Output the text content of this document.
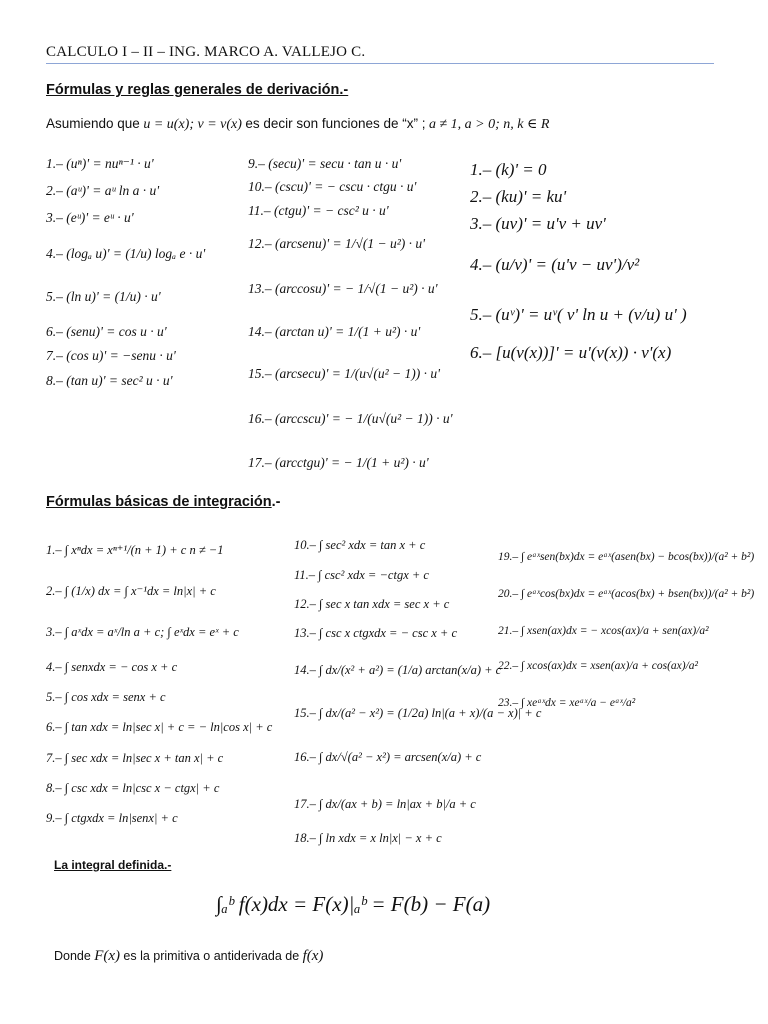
CALCULO I – II – ING. MARCO A. VALLEJO C.
Fórmulas y reglas generales de derivación.-
Asumiendo que u = u(x); v = v(x) es decir son funciones de “x” ; a ≠ 1, a > 0; n, k ∈ R
1.– (uⁿ)' = nuⁿ⁻¹ · u'
2.– (aᵘ)' = aᵘ ln a · u'
3.– (eᵘ)' = eᵘ · u'
4.– (logₐ u)' = (1/u) logₐ e · u'
5.– (ln u)' = (1/u) · u'
6.– (senu)' = cos u · u'
7.– (cos u)' = −senu · u'
8.– (tan u)' = sec² u · u'
9.– (secu)' = secu · tan u · u'
10.– (cscu)' = − cscu · ctgu · u'
11.– (ctgu)' = − csc² u · u'
12.– (arcsenu)' = 1/√(1 − u²) · u'
13.– (arccosu)' = − 1/√(1 − u²) · u'
14.– (arctan u)' = 1/(1 + u²) · u'
15.– (arcsecu)' = 1/(u√(u² − 1)) · u'
16.– (arccscu)' = − 1/(u√(u² − 1)) · u'
17.– (arcctgu)' = − 1/(1 + u²) · u'
1.– (k)' = 0
2.– (ku)' = ku'
3.– (uv)' = u'v + uv'
4.– (u/v)' = (u'v − uv')/v²
5.– (uᵛ)' = uᵛ( v' ln u + (v/u) u' )
6.– [u(v(x))]' = u'(v(x)) · v'(x)
Fórmulas básicas de integración.-
1.– ∫ xⁿdx = xⁿ⁺¹/(n + 1) + c n ≠ −1
2.– ∫ (1/x) dx = ∫ x⁻¹dx = ln|x| + c
3.– ∫ aˣdx = aˣ/ln a + c; ∫ eˣdx = eˣ + c
4.– ∫ senxdx = − cos x + c
5.– ∫ cos xdx = senx + c
6.– ∫ tan xdx = ln|sec x| + c = − ln|cos x| + c
7.– ∫ sec xdx = ln|sec x + tan x| + c
8.– ∫ csc xdx = ln|csc x − ctgx| + c
9.– ∫ ctgxdx = ln|senx| + c
10.– ∫ sec² xdx = tan x + c
11.– ∫ csc² xdx = −ctgx + c
12.– ∫ sec x tan xdx = sec x + c
13.– ∫ csc x ctgxdx = − csc x + c
14.– ∫ dx/(x² + a²) = (1/a) arctan(x/a) + c
15.– ∫ dx/(a² − x²) = (1/2a) ln|(a + x)/(a − x)| + c
16.– ∫ dx/√(a² − x²) = arcsen(x/a) + c
17.– ∫ dx/(ax + b) = ln|ax + b|/a + c
18.– ∫ ln xdx = x ln|x| − x + c
19.– ∫ eᵃˣsen(bx)dx = eᵃˣ(asen(bx) − bcos(bx))/(a² + b²)
20.– ∫ eᵃˣcos(bx)dx = eᵃˣ(acos(bx) + bsen(bx))/(a² + b²)
21.– ∫ xsen(ax)dx = − xcos(ax)/a + sen(ax)/a²
22.– ∫ xcos(ax)dx = xsen(ax)/a + cos(ax)/a²
23.– ∫ xeᵃˣdx = xeᵃˣ/a − eᵃˣ/a²
La integral definida.-
∫ₐᵇ f(x)dx = F(x)|ₐᵇ = F(b) − F(a)
Donde F(x) es la primitiva o antiderivada de f(x)
